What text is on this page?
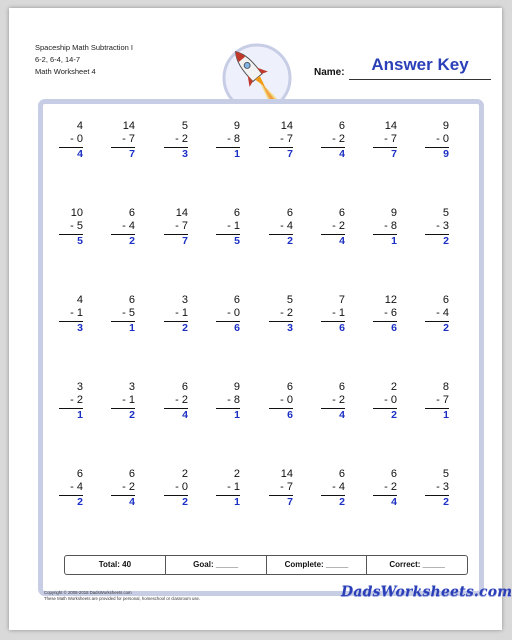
Spaceship Math Subtraction I
6-2, 6-4, 14-7
Math Worksheet 4	Answer Key
Name:
4
- 0
4
14
- 7
7
5
- 2
3
9
- 8
1
14
- 7
7
6
- 2
4
14
- 7
7
9
- 0
9
10
- 5
5
6
- 4
2
14
- 7
7
6
- 1
5
6
- 4
2
6
- 2
4
9
- 8
1
5
- 3
2
4
- 1
3
6
- 5
1
3
- 1
2
6
- 0
6
5
- 2
3
7
- 1
6
12
- 6
6
6
- 4
2
3
- 2
1
3
- 1
2
6
- 2
4
9
- 8
1
6
- 0
6
6
- 2
4
2
- 0
2
8
- 7
1
6
- 4
2
6
- 2
4
2
- 0
2
2
- 1
1
14
- 7
7
6
- 4
2
6
- 2
4
5
- 3
2
Total: 40	Goal: _____	Complete: _____	Correct: _____
Copyright © 2008-2018 DadsWorksheets.com
These Math Worksheets are provided for personal, homeschool or classroom use.	DadsWorksheets.com
